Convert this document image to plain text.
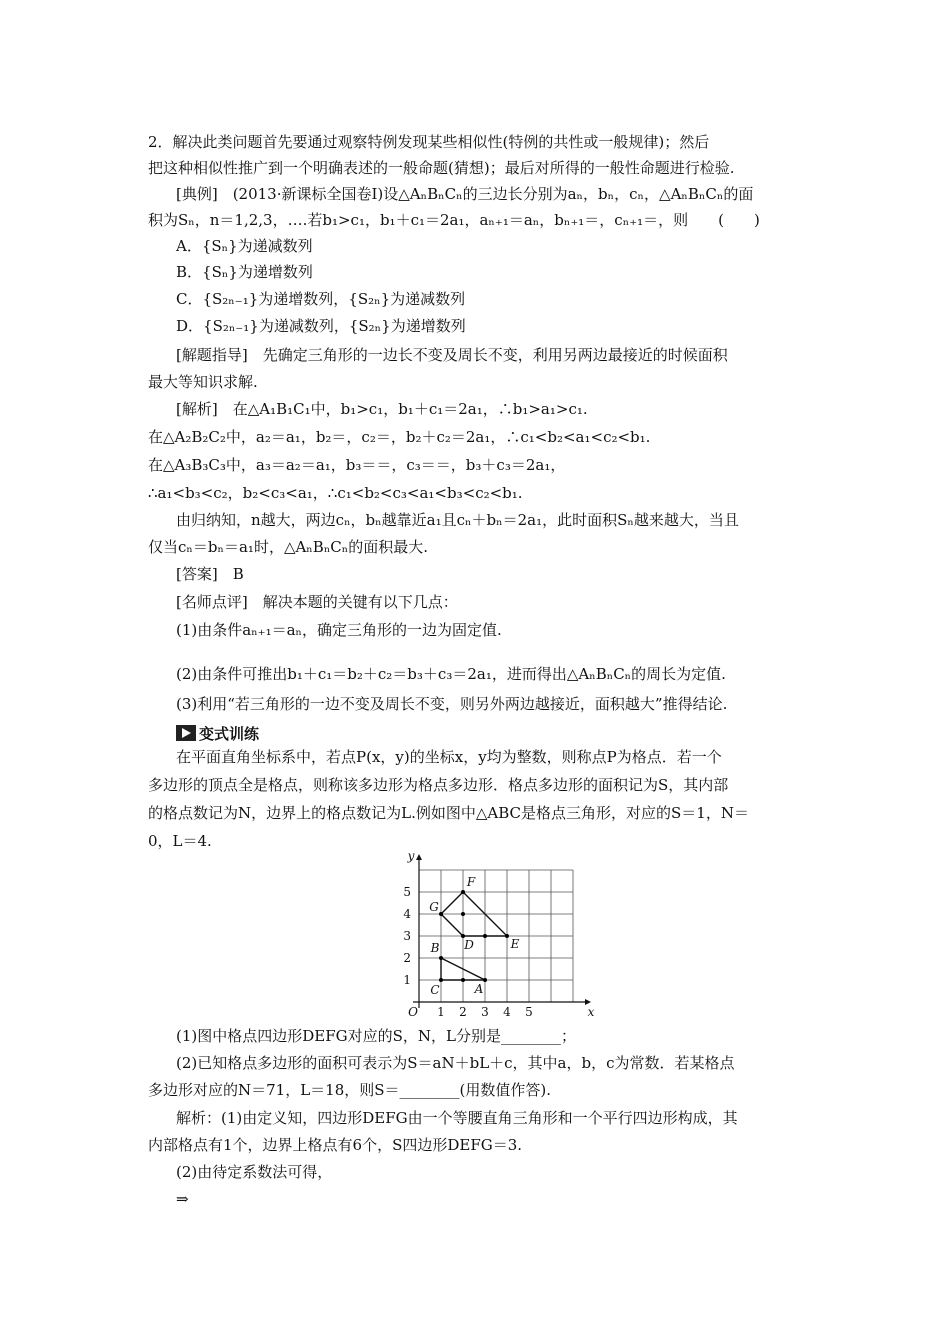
2．解决此类问题首先要通过观察特例发现某些相似性(特例的共性或一般规律)；然后
把这种相似性推广到一个明确表述的一般命题(猜想)；最后对所得的一般性命题进行检验.
[典例]　(2013·新课标全国卷Ⅰ)设△AₙBₙCₙ的三边长分别为aₙ，bₙ，cₙ，△AₙBₙCₙ的面
积为Sₙ，n＝1,2,3，….若b₁>c₁，b₁＋c₁＝2a₁，aₙ₊₁＝aₙ，bₙ₊₁＝，cₙ₊₁＝，则　　(　　)
A．{Sₙ}为递减数列
B．{Sₙ}为递增数列
C．{S₂ₙ₋₁}为递增数列，{S₂ₙ}为递减数列
D．{S₂ₙ₋₁}为递减数列，{S₂ₙ}为递增数列
[解题指导]　先确定三角形的一边长不变及周长不变，利用另两边最接近的时候面积
最大等知识求解.
[解析]　在△A₁B₁C₁中，b₁>c₁，b₁＋c₁＝2a₁，∴b₁>a₁>c₁.
在△A₂B₂C₂中，a₂＝a₁，b₂＝，c₂＝，b₂＋c₂＝2a₁，∴c₁<b₂<a₁<c₂<b₁.
在△A₃B₃C₃中，a₃＝a₂＝a₁，b₃＝＝，c₃＝＝，b₃＋c₃＝2a₁，
∴a₁<b₃<c₂，b₂<c₃<a₁，∴c₁<b₂<c₃<a₁<b₃<c₂<b₁.
由归纳知，n越大，两边cₙ，bₙ越靠近a₁且cₙ＋bₙ＝2a₁，此时面积Sₙ越来越大，当且
仅当cₙ＝bₙ＝a₁时，△AₙBₙCₙ的面积最大.
[答案]　B
[名师点评]　解决本题的关键有以下几点：
(1)由条件aₙ₊₁＝aₙ，确定三角形的一边为固定值.
(2)由条件可推出b₁＋c₁＝b₂＋c₂＝b₃＋c₃＝2a₁，进而得出△AₙBₙCₙ的周长为定值.
(3)利用“若三角形的一边不变及周长不变，则另外两边越接近，面积越大”推得结论.
变式训练
在平面直角坐标系中，若点P(x，y)的坐标x，y均为整数，则称点P为格点．若一个
多边形的顶点全是格点，则称该多边形为格点多边形．格点多边形的面积记为S，其内部
的格点数记为N，边界上的格点数记为L.例如图中△ABC是格点三角形，对应的S＝1，N＝
0，L＝4.
1 2 3 4 5
1
2
3
4
5
O	x
y
F
G
D	E
B
C	A
(1)图中格点四边形DEFG对应的S，N，L分别是________；
(2)已知格点多边形的面积可表示为S＝aN＋bL＋c，其中a，b，c为常数．若某格点
多边形对应的N＝71，L＝18，则S＝________(用数值作答).
解析：(1)由定义知，四边形DEFG由一个等腰直角三角形和一个平行四边形构成，其
内部格点有1个，边界上格点有6个，S四边形DEFG＝3.
(2)由待定系数法可得，
⇒
